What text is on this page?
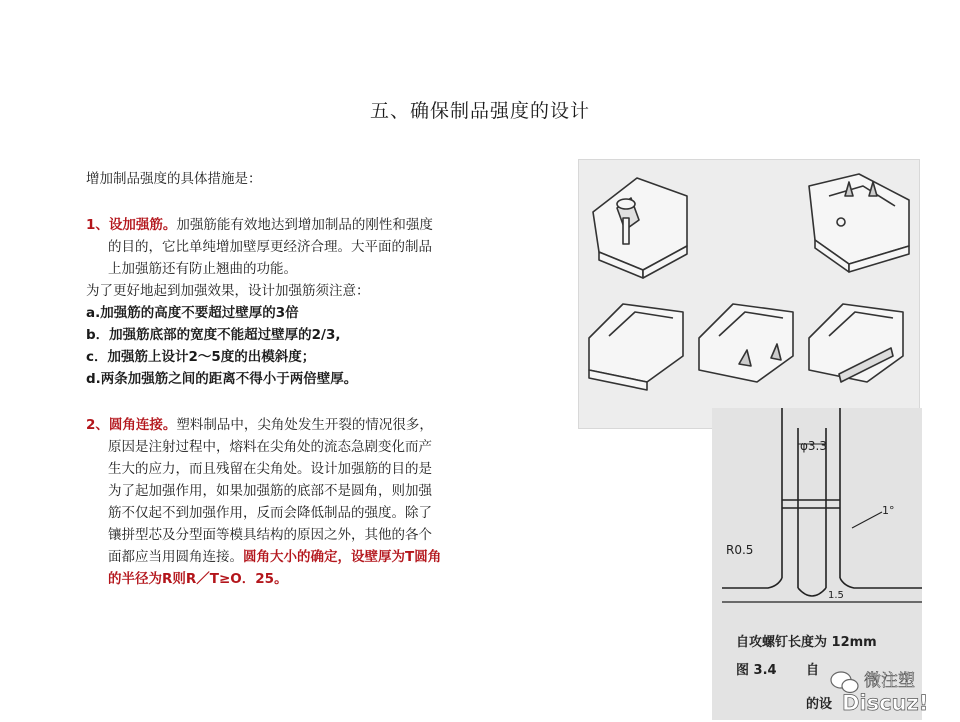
五、确保制品强度的设计
增加制品强度的具体措施是：
1、设加强筋。加强筋能有效地达到增加制品的刚性和强度
的目的，它比单纯增加壁厚更经济合理。大平面的制品
上加强筋还有防止翘曲的功能。
为了更好地起到加强效果，设计加强筋须注意：
a.加强筋的高度不要超过壁厚的3倍
b．加强筋底部的宽度不能超过壁厚的2/3,
c．加强筋上设计2～5度的出模斜度；
d.两条加强筋之间的距离不得小于两倍壁厚。
2、圆角连接。塑料制品中，尖角处发生开裂的情况很多，
原因是注射过程中，熔料在尖角处的流态急剧变化而产
生大的应力，而且残留在尖角处。设计加强筋的目的是
为了起加强作用，如果加强筋的底部不是圆角，则加强
筋不仅起不到加强作用，反而会降低制品的强度。除了
镶拼型芯及分型面等模具结构的原因之外，其他的各个
面都应当用圆角连接。圆角大小的确定，设壁厚为T圆角
的半径为R则R／T≥O．25。
φ3.3
R0.5
1°
1.5
自攻螺钉长度为 12mm
图 3.4 自
的设
微注塑
Discuz!
